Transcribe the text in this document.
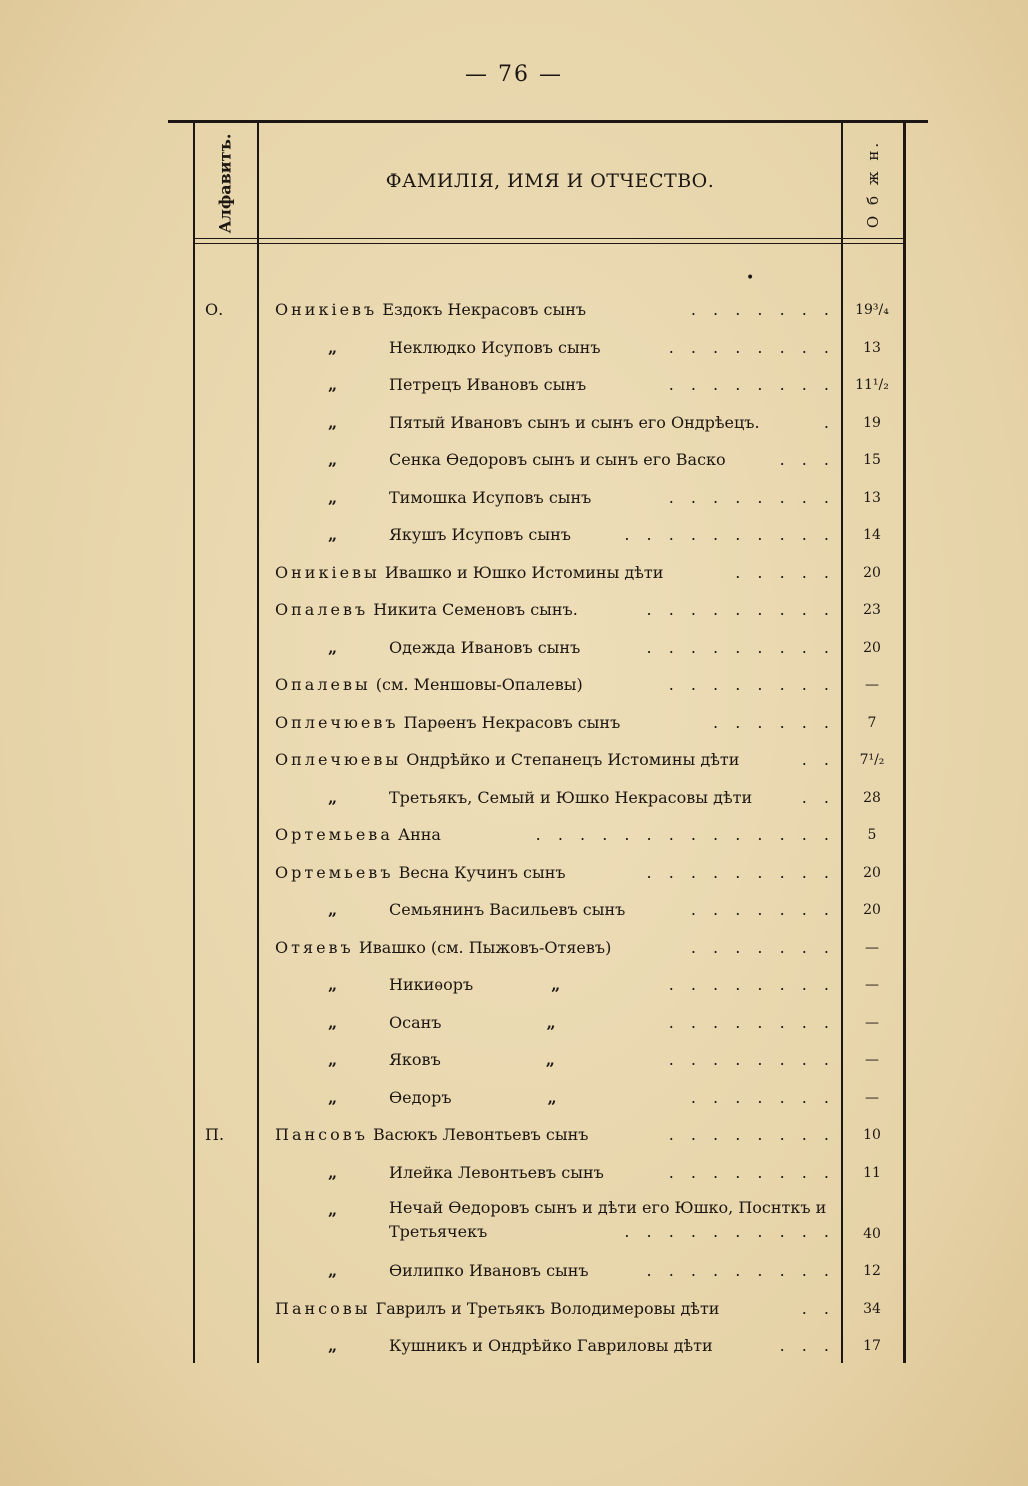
— 76 —
Алфавитъ.	ФАМИЛIЯ, ИМЯ И ОТЧЕСТВО.	О б ж н.
•
О.	Оникiевъ Ездокъ Некрасовъ сынъ	. . . . . . .	19³/₄
„	Неклюдко Исуповъ сынъ	. . . . . . . .	13
„	Петрецъ Ивановъ сынъ	. . . . . . . .	11¹/₂
„	Пятый Ивановъ сынъ и сынъ его Ондрѣецъ.	.	19
„	Сенка Ѳедоровъ сынъ и сынъ его Васко	. . .	15
„	Тимошка Исуповъ сынъ	. . . . . . . .	13
„	Якушъ Исуповъ сынъ	. . . . . . . . . .	14
Оникiевы Ивашко и Юшко Истомины дѣти	. . . . .	20
Опалевъ Никита Семеновъ сынъ.	. . . . . . . . .	23
„	Одежда Ивановъ сынъ	. . . . . . . . .	20
Опалевы (см. Меншовы-Опалевы)	. . . . . . . .	—
Оплечюевъ Парѳенъ Некрасовъ сынъ	. . . . . .	7
Оплечюевы Ондрѣйко и Степанецъ Истомины дѣти	. .	7¹/₂
„	Третьякъ, Семый и Юшко Некрасовы дѣти	. .	28
Ортемьева Анна	. . . . . . . . . . . . . .	5
Ортемьевъ Весна Кучинъ сынъ	. . . . . . . . .	20
„	Семьянинъ Васильевъ сынъ	. . . . . . .	20
Отяевъ Ивашко (см. Пыжовъ-Отяевъ)	. . . . . . .	—
„	Никиѳоръ	„	. . . . . . . .	—
„	Осанъ	„	. . . . . . . .	—
„	Яковъ	„	. . . . . . . .	—
„	Ѳедоръ	„	. . . . . . .	—
П.	Пансовъ Васюкъ Левонтьевъ сынъ	. . . . . . . .	10
„	Илейка Левонтьевъ сынъ	. . . . . . . .	11
„	Нечай Ѳедоровъ сынъ и дѣти его Юшко, Поснткъ и Третьячекъ	. . . . . . . . . .	40
„	Ѳилипко Ивановъ сынъ	. . . . . . . . .	12
Пансовы Гаврилъ и Третьякъ Володимеровы дѣти	. .	34
„	Кушникъ и Ондрѣйко Гавриловы дѣти	. . .	17
